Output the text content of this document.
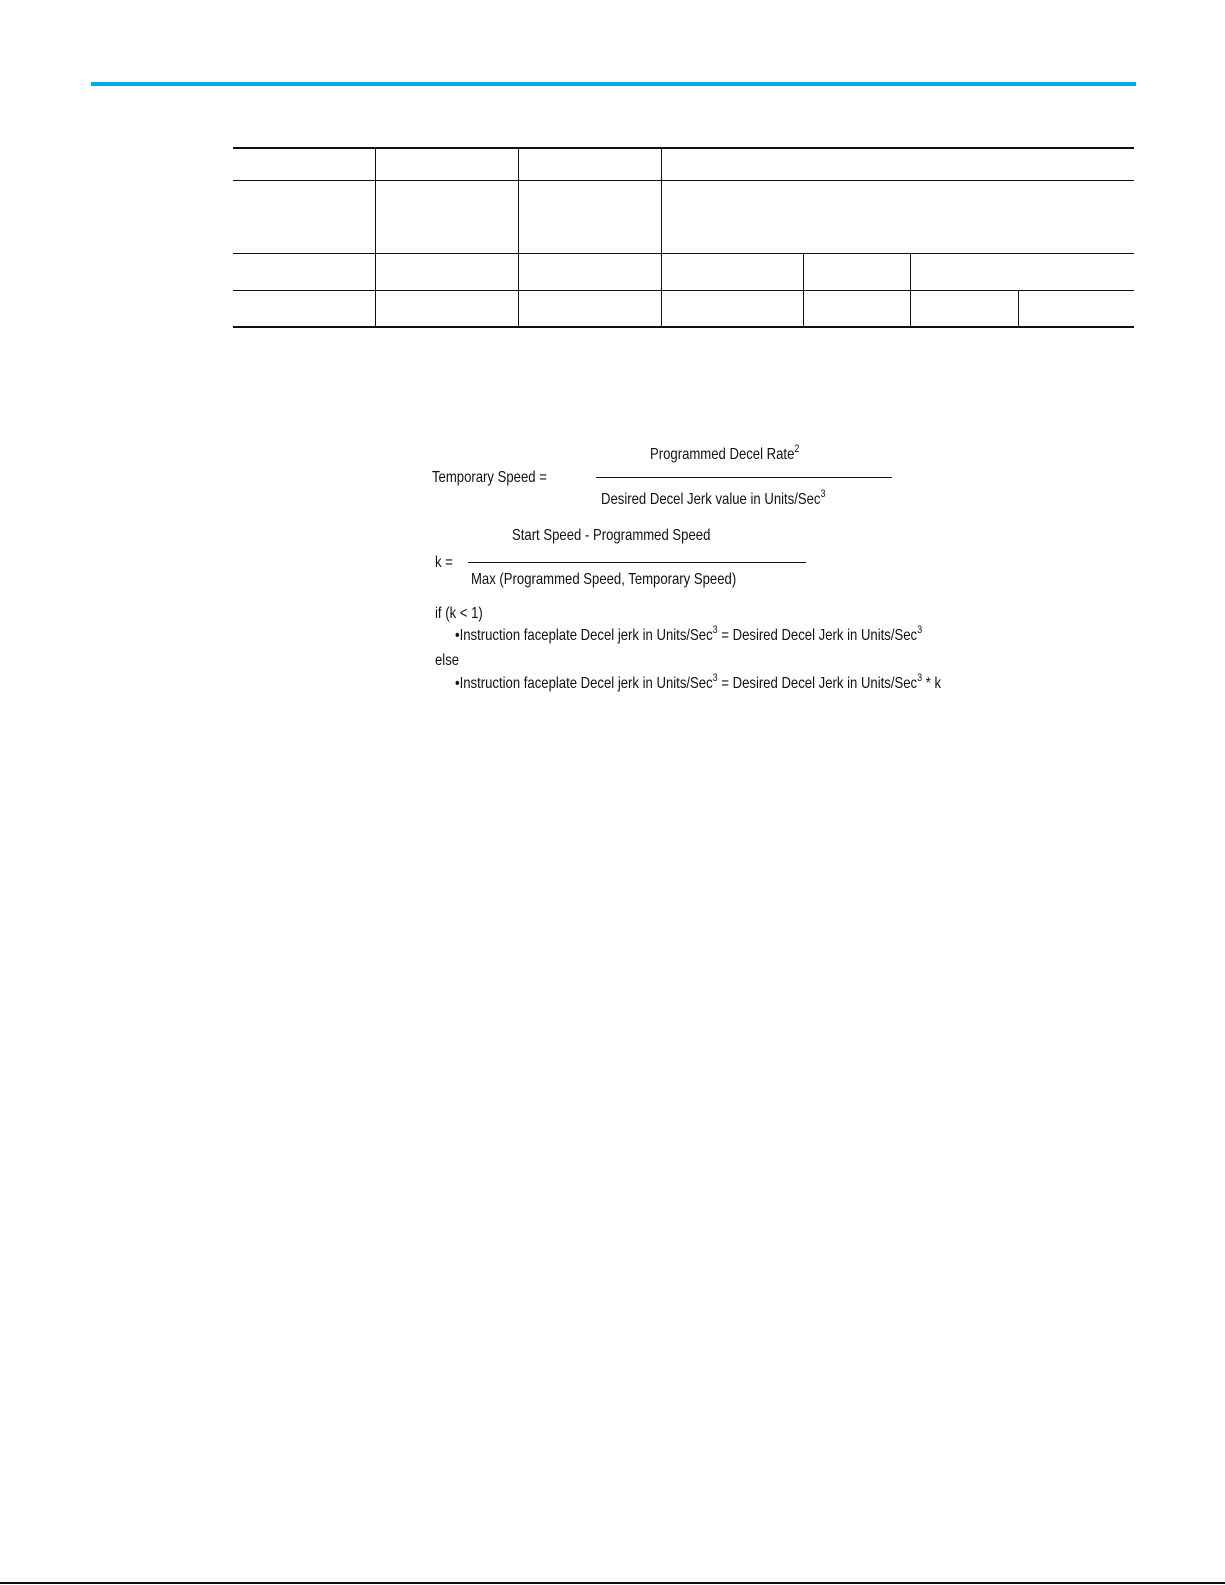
Temporary Speed =
Programmed Decel Rate$^2$
Desired Decel Jerk value in Units/Sec$^3$
Start Speed - Programmed Speed
k =
Max (Programmed Speed, Temporary Speed)
if (k < 1)
•Instruction faceplate Decel jerk in Units/Sec$^3$ = Desired Decel Jerk in Units/Sec$^3$
else
•Instruction faceplate Decel jerk in Units/Sec$^3$ = Desired Decel Jerk in Units/Sec$^3$ * k
